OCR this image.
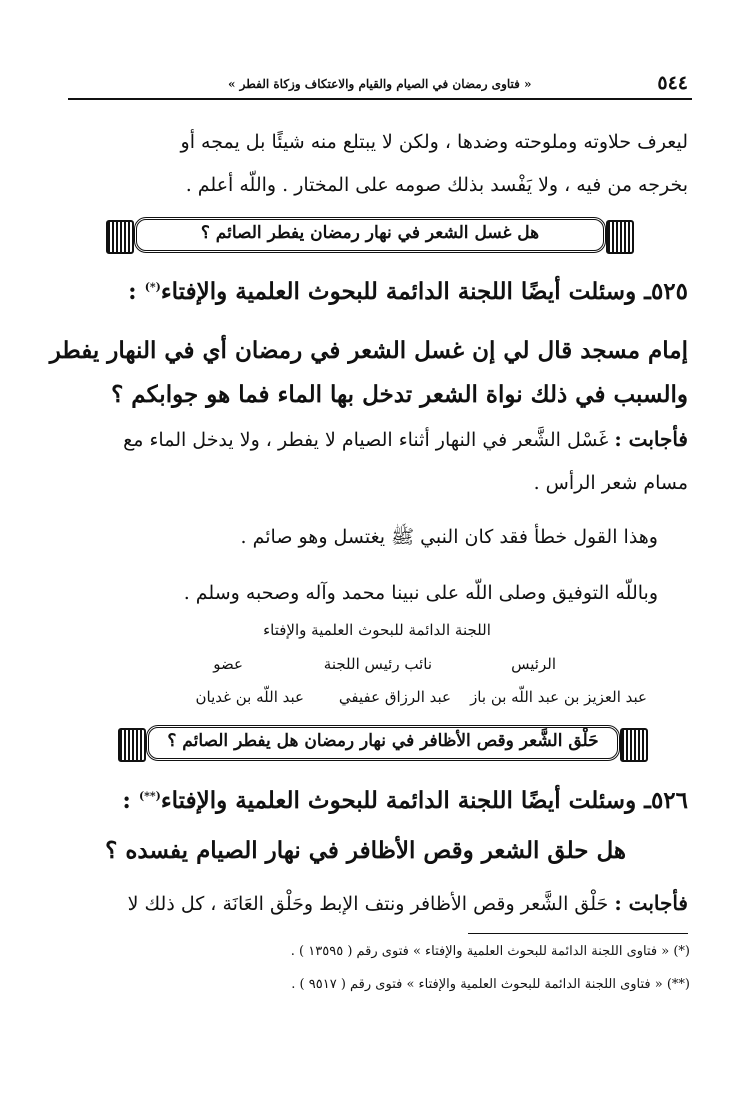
٥٤٤
« فتاوى رمضان في الصيام والقيام والاعتكاف وزكاة الفطر »
ليعرف حلاوته وملوحته وضدها ، ولكن لا يبتلع منه شيئًا بل يمجه أو
بخرجه من فيه ، ولا يَفْسد بذلك صومه على المختار . واللّه أعلم .
هل غسل الشعر في نهار رمضان يفطر الصائم ؟
٥٢٥ـ وسئلت أيضًا اللجنة الدائمة للبحوث العلمية والإفتاء(*) :
إمام مسجد قال لي إن غسل الشعر في رمضان أي في النهار يفطر
والسبب في ذلك نواة الشعر تدخل بها الماء فما هو جوابكم ؟
فأجابت : غَسْل الشَّعر في النهار أثناء الصيام لا يفطر ، ولا يدخل الماء مع
مسام شعر الرأس .
وهذا القول خطأ فقد كان النبي ﷺ يغتسل وهو صائم .
وباللّه التوفيق وصلى اللّه على نبينا محمد وآله وصحبه وسلم .
اللجنة الدائمة للبحوث العلمية والإفتاء
الرئيس
نائب رئيس اللجنة
عضو
عبد العزيز بن عبد اللّه بن باز
عبد الرزاق عفيفي
عبد اللّه بن غديان
حَلْق الشَّعر وقص الأظافر في نهار رمضان هل يفطر الصائم ؟
٥٢٦ـ وسئلت أيضًا اللجنة الدائمة للبحوث العلمية والإفتاء(**) :
هل حلق الشعر وقص الأظافر في نهار الصيام يفسده ؟
فأجابت : حَلْق الشَّعر وقص الأظافر ونتف الإبط وحَلْق العَانَة ، كل ذلك لا
(*) « فتاوى اللجنة الدائمة للبحوث العلمية والإفتاء » فتوى رقم ( ١٣٥٩٥ ) .
(**) « فتاوى اللجنة الدائمة للبحوث العلمية والإفتاء » فتوى رقم ( ٩٥١٧ ) .
